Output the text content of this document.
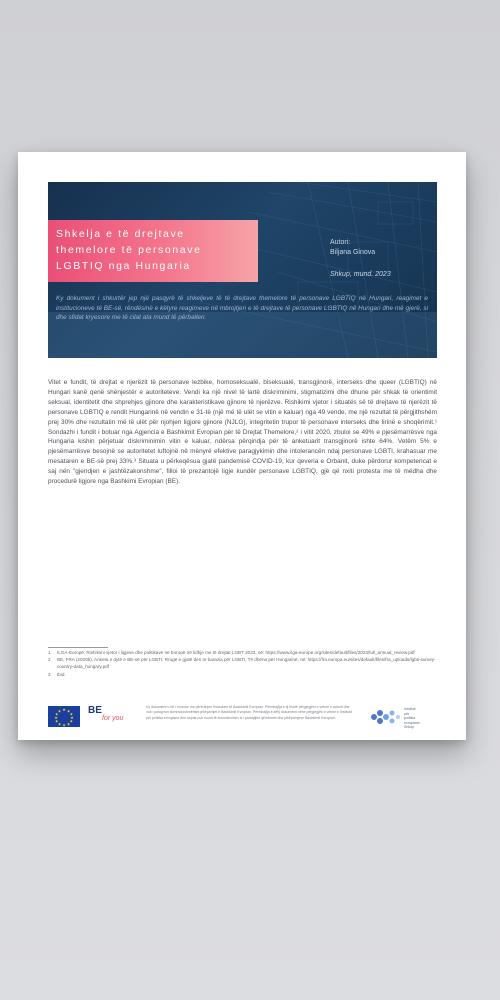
Shkelja e të drejtave
themelore të personave
LGBTIQ nga Hungaria
Autori:
Biljana Ginova
Shkup, mund. 2023
Ky dokument i shkurtër jep një pasqyrë të shkeljeve të të drejtave themelore të personave LGBTIQ në Hungari, reagimet e institucioneve të BE-së, rëndësinë e këtyre reagimeve në mbrojtjen e të drejtave të personave LGBTIQ në Hungari dhe më gjerë, si dhe sfidat kryesore me të cilat ata mund të përballen.
Vitet e fundit, të drejtat e njerëzit të personave lezbike, homoseksualë, biseksualë, transgjinorë, interseks dhe queer (LGBTIQ) në Hungari kanë qenë shënjestër e autoriteteve. Vendi ka një nivel të lartë diskriminimi, stigmatizimi dhe dhune për shkak të orientimit seksual, identitetit dhe shprehjes gjinore dhe karakteristikave gjinore të njerëzve. Rishikimi vjetor i situatës së të drejtave të njerëzit të personave LGBTIQ e rendit Hungarinë në vendin e 31-të (një më të ulët se vitin e kaluar) nga 49 vende, me një rezultat të përgjithshëm prej 30% dhe rezultatin më të ulët për njohjen ligjore gjinore (NJLG), integritetin trupor të personave interseks dhe lirinë e shoqërimit.¹ Sondazhi i fundit i botuar nga Agjencia e Bashkimit Evropian për të Drejtat Themelore,² i vitit 2020, zbuloi se 49% e pjesëmarrësve nga Hungaria kishin përjetuar diskriminimin vitin e kaluar, ndërsa përqindja për të anketuarit transgjinorë ishte 64%. Vetëm 5% e pjesëmarrësve besojnë se autoritetet luftojnë në mënyrë efektive paragjykimin dhe intolerancën ndaj personave LGBTI, krahasuar me mesataren e BE-së prej 33%.³ Situata u përkeqësua gjatë pandemisë COVID-19, kur qeveria e Orbanit, duke përdorur kompetencat e saj nën "gjendjen e jashtëzakonshme", filloi të prezantojë ligje kundër personave LGBTIQ, gjë që nxiti protesta me të mëdha dhe procedurë ligjore nga Bashkimi Evropian (BE).
1	ILGA-Europë, Rishikimi vjetor i ligjeve dhe politikave në Evropë në lidhje me të drejtat LGBT 2023, në: https://www.ilga-europe.org/sites/default/files/2023/full_annual_review.pdf
2	BE, FRA (2020b), Anketa e dytë e BE-së për LGBTI: Rrugë e gjatë deri te barazia për LGBTI, Të dhëna për Hungarinë, në: https://fra.europa.eu/sites/default/files/fra_uploads/lgbti-survey-country-data_hungary.pdf
3	Ibid.
★ ★
★
★
★
★
★
★
★
★
★
★	BE
for you
Ky dokument u bë i mundur me përkrahjen financiare të Bashkimit Evropian. Përmbajtja e tij është përgjegjësi e vetme e autorit dhe nuk i pasqyron domosdoshmërisht pikëpamjet e Bashkimit Evropian. Përmbajtja e këtij dokumenti nëse përgjegjës e vetme e Institutit për politika evropiane dhe aspak nuk mund të konsiderohen si i paraqitjes qëndrimet dhe pikëpamjeve Bashkimit Evropian.
Instituti
për
politika
evropiane
Shkup
